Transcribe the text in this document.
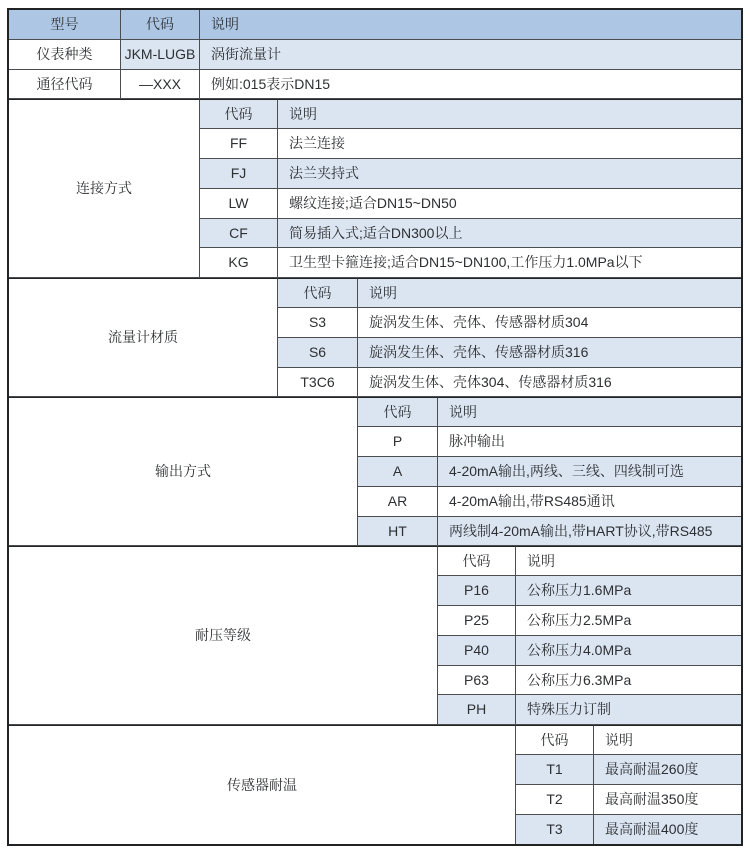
型号	代码	说明
仪表种类	JKM-LUGB	涡街流量计
通径代码	—XXX	例如:015表示DN15
连接方式
代码	说明
FF	法兰连接
FJ	法兰夹持式
LW	螺纹连接;适合DN15~DN50
CF	简易插入式;适合DN300以上
KG	卫生型卡箍连接;适合DN15~DN100,工作压力1.0MPa以下
流量计材质
代码	说明
S3	旋涡发生体、壳体、传感器材质304
S6	旋涡发生体、壳体、传感器材质316
T3C6	旋涡发生体、壳体304、传感器材质316
输出方式
代码	说明
P	脉冲输出
A	4-20mA输出,两线、三线、四线制可选
AR	4-20mA输出,带RS485通讯
HT	两线制4-20mA输出,带HART协议,带RS485
耐压等级
代码	说明
P16	公称压力1.6MPa
P25	公称压力2.5MPa
P40	公称压力4.0MPa
P63	公称压力6.3MPa
PH	特殊压力订制
传感器耐温
代码	说明
T1	最高耐温260度
T2	最高耐温350度
T3	最高耐温400度
